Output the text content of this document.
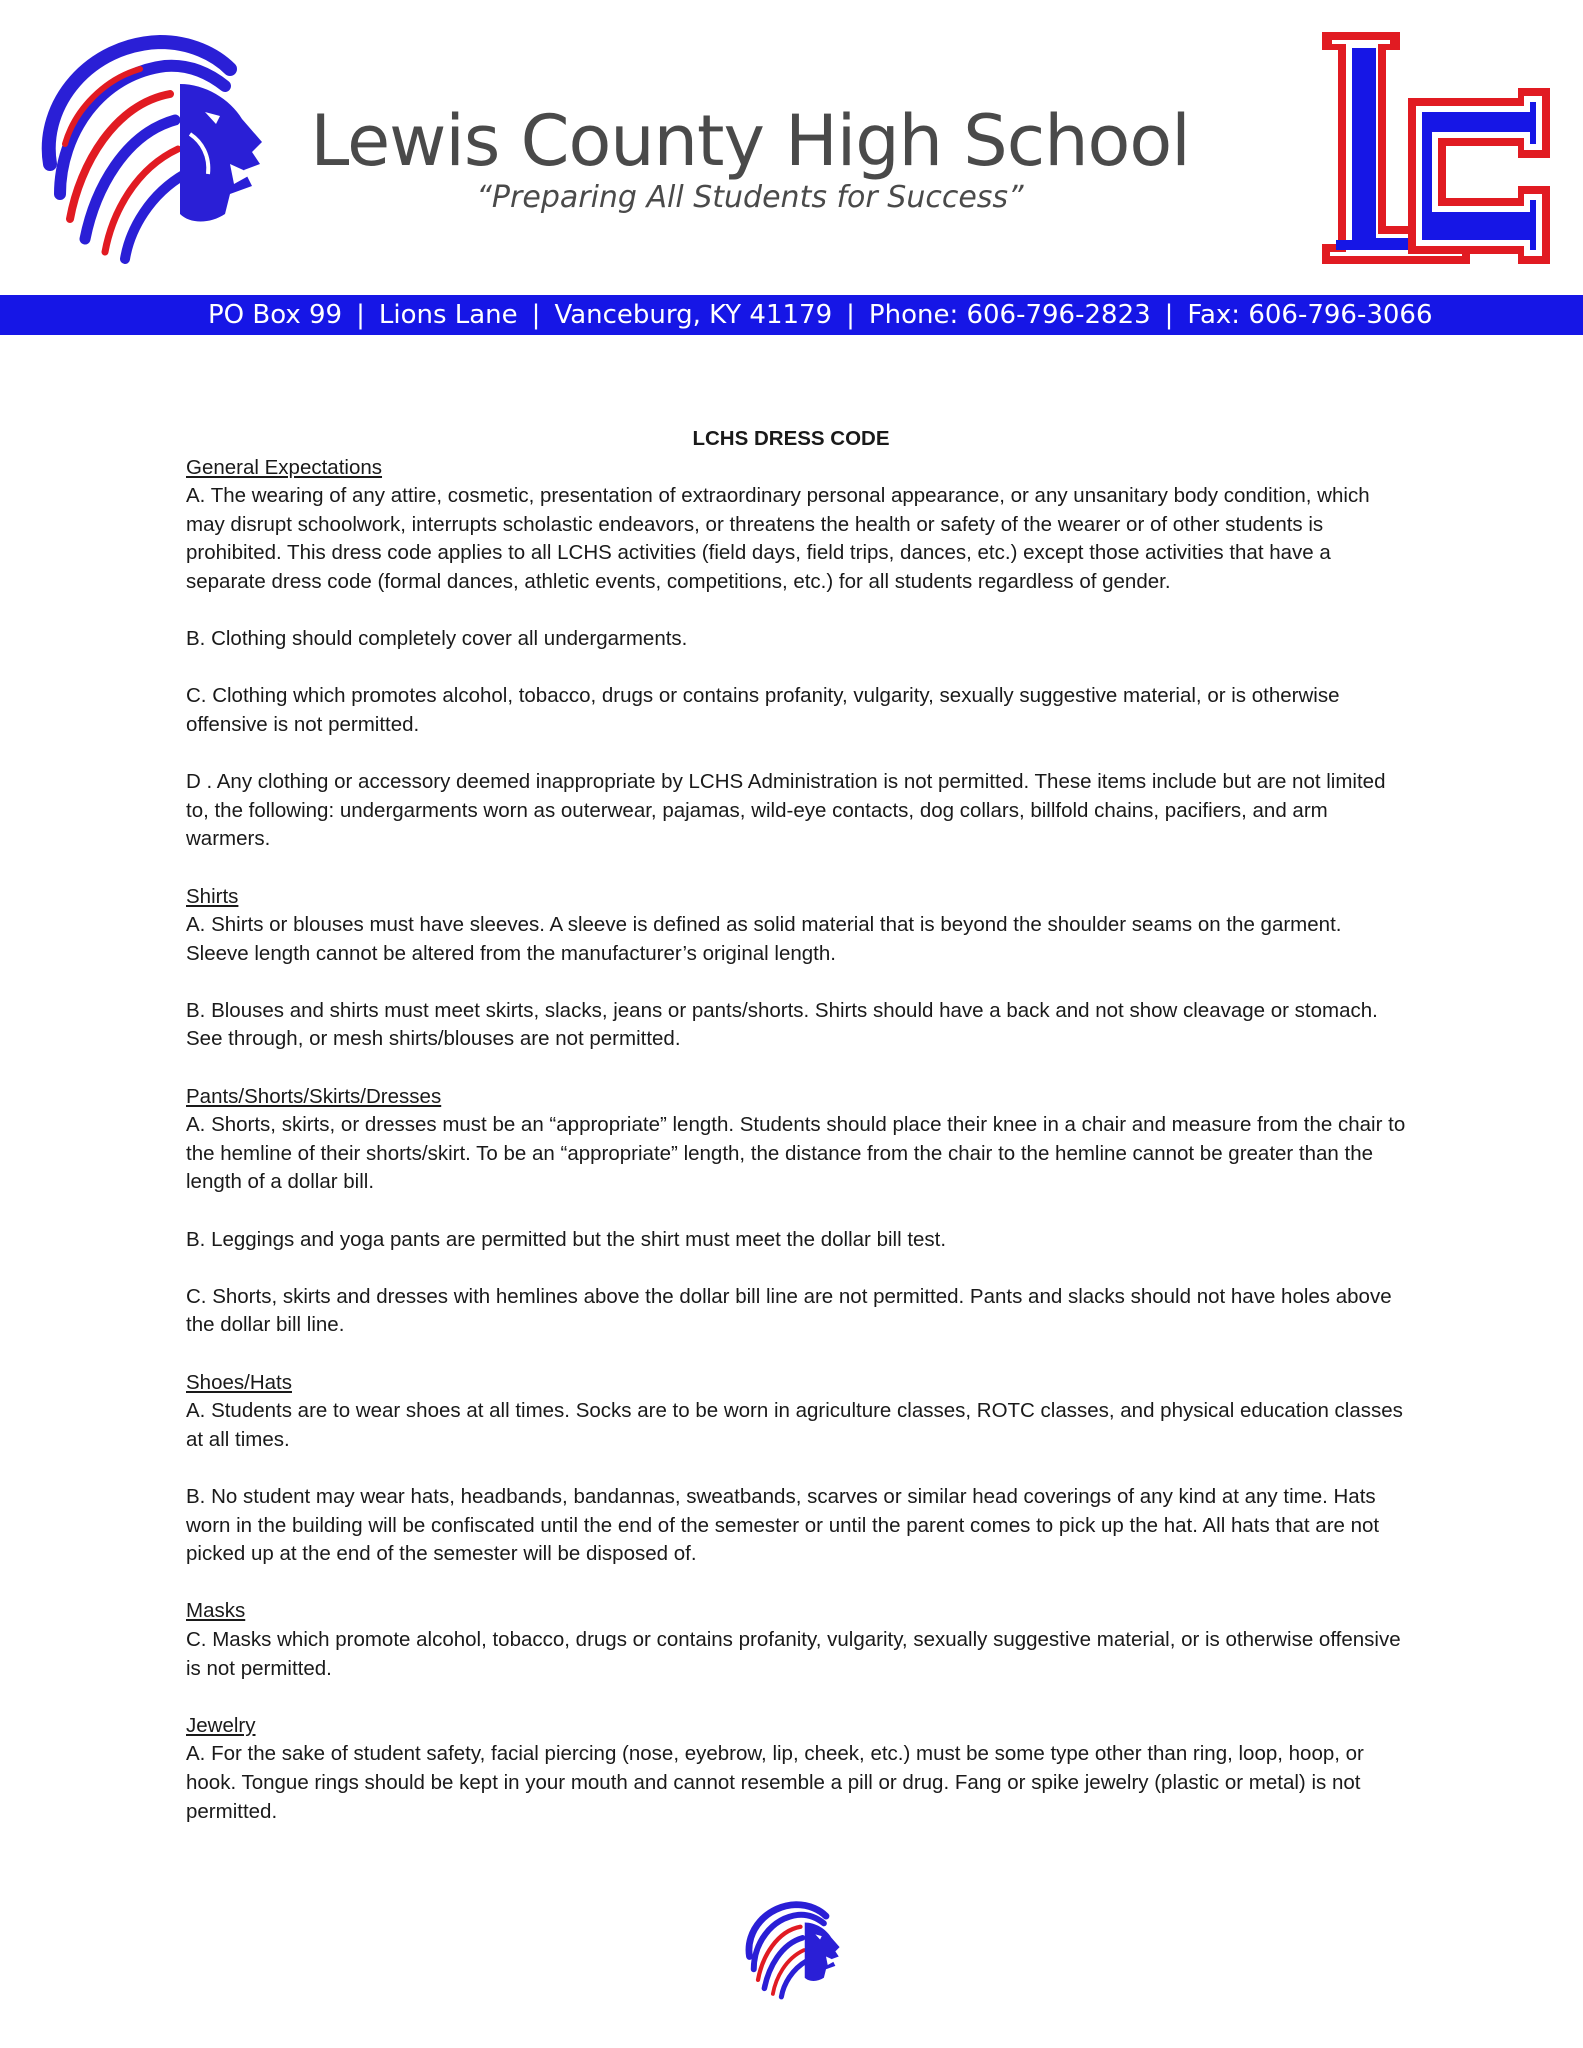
Lewis County High School
“Preparing All Students for Success”
PO Box 99 | Lions Lane | Vanceburg, KY 41179 | Phone: 606-796-2823 | Fax: 606-796-3066
LCHS DRESS CODE
General Expectations

A. The wearing of any attire, cosmetic, presentation of extraordinary personal appearance, or any unsanitary body condition, which may disrupt schoolwork, interrupts scholastic endeavors, or threatens the health or safety of the wearer or of other students is prohibited. This dress code applies to all LCHS activities (field days, field trips, dances, etc.) except those activities that have a separate dress code (formal dances, athletic events, competitions, etc.) for all students regardless of gender.

B. Clothing should completely cover all undergarments.

C. Clothing which promotes alcohol, tobacco, drugs or contains profanity, vulgarity, sexually suggestive material, or is otherwise offensive is not permitted.

D . Any clothing or accessory deemed inappropriate by LCHS Administration is not permitted. These items include but are not limited to, the following: undergarments worn as outerwear, pajamas, wild-eye contacts, dog collars, billfold chains, pacifiers, and arm warmers.

Shirts

A. Shirts or blouses must have sleeves. A sleeve is defined as solid material that is beyond the shoulder seams on the garment. Sleeve length cannot be altered from the manufacturer’s original length.

B. Blouses and shirts must meet skirts, slacks, jeans or pants/shorts. Shirts should have a back and not show cleavage or stomach. See through, or mesh shirts/blouses are not permitted.

Pants/Shorts/Skirts/Dresses

A. Shorts, skirts, or dresses must be an “appropriate” length. Students should place their knee in a chair and measure from the chair to the hemline of their shorts/skirt. To be an “appropriate” length, the distance from the chair to the hemline cannot be greater than the length of a dollar bill.

B. Leggings and yoga pants are permitted but the shirt must meet the dollar bill test.

C. Shorts, skirts and dresses with hemlines above the dollar bill line are not permitted. Pants and slacks should not have holes above the dollar bill line.

Shoes/Hats

A. Students are to wear shoes at all times. Socks are to be worn in agriculture classes, ROTC classes, and physical education classes at all times.

B. No student may wear hats, headbands, bandannas, sweatbands, scarves or similar head coverings of any kind at any time. Hats worn in the building will be confiscated until the end of the semester or until the parent comes to pick up the hat. All hats that are not picked up at the end of the semester will be disposed of.

Masks

C. Masks which promote alcohol, tobacco, drugs or contains profanity, vulgarity, sexually suggestive material, or is otherwise offensive is not permitted.

Jewelry

A. For the sake of student safety, facial piercing (nose, eyebrow, lip, cheek, etc.) must be some type other than ring, loop, hoop, or hook. Tongue rings should be kept in your mouth and cannot resemble a pill or drug. Fang or spike jewelry (plastic or metal) is not permitted.
